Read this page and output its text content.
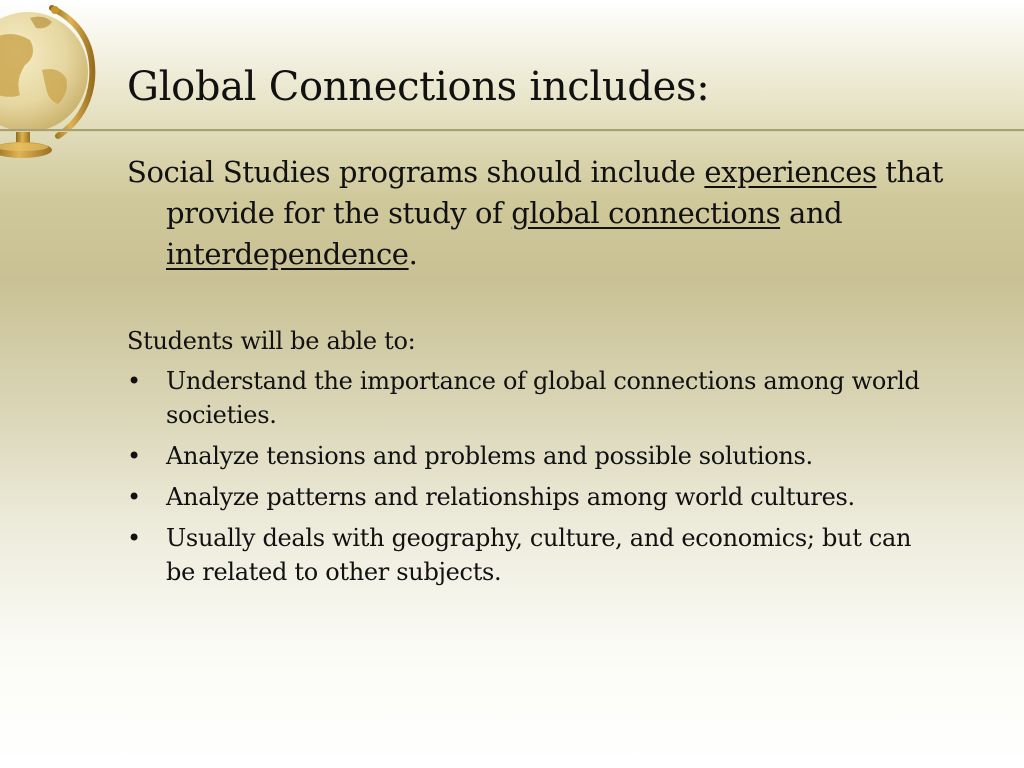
Global Connections includes:

Social Studies programs should include experiences that provide for the study of global connections and interdependence.

Students will be able to:

• Understand the importance of global connections among world societies.
• Analyze tensions and problems and possible solutions.
• Analyze patterns and relationships among world cultures.
• Usually deals with geography, culture, and economics; but can be related to other subjects.
